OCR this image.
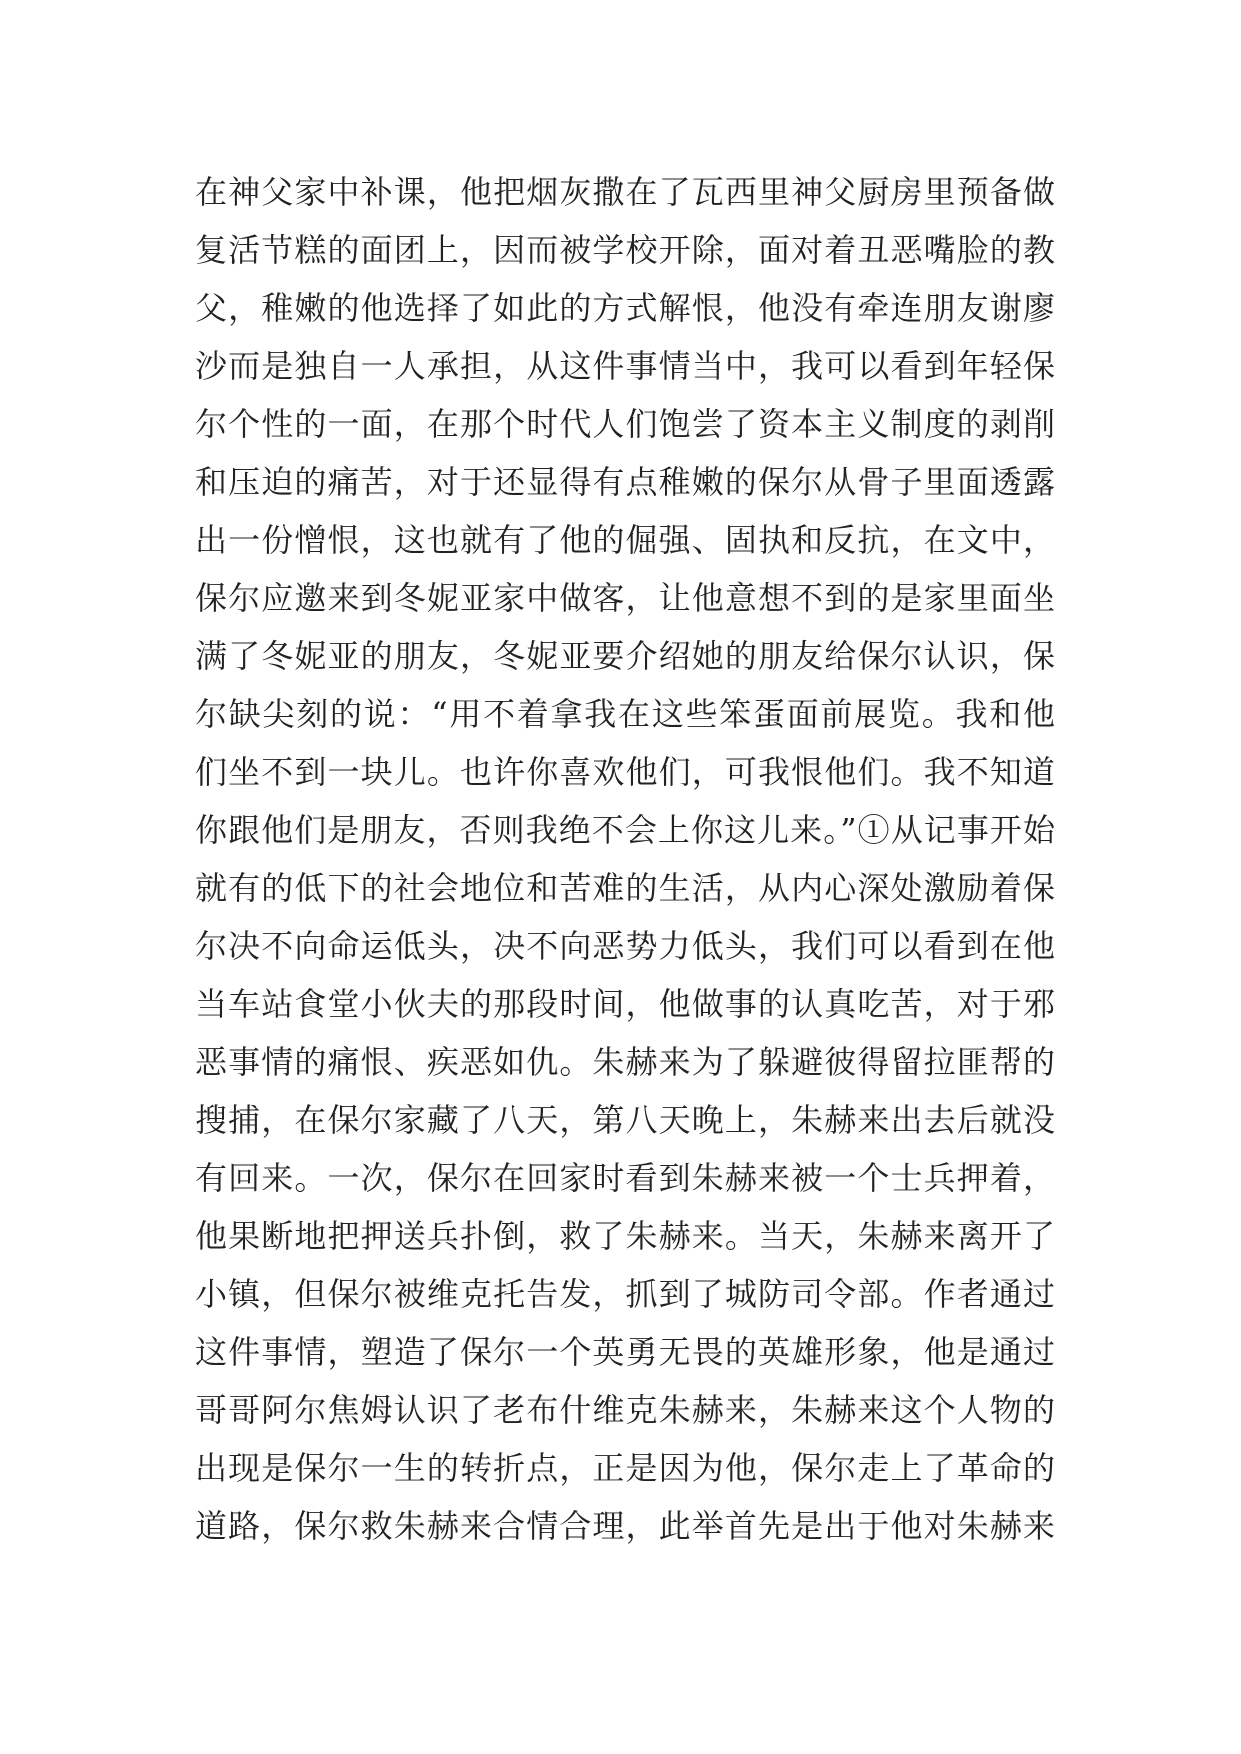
在神父家中补课，他把烟灰撒在了瓦西里神父厨房里预备做
复活节糕的面团上，因而被学校开除，面对着丑恶嘴脸的教
父，稚嫩的他选择了如此的方式解恨，他没有牵连朋友谢廖
沙而是独自一人承担，从这件事情当中，我可以看到年轻保
尔个性的一面，在那个时代人们饱尝了资本主义制度的剥削
和压迫的痛苦，对于还显得有点稚嫩的保尔从骨子里面透露
出一份憎恨，这也就有了他的倔强、固执和反抗，在文中，
保尔应邀来到冬妮亚家中做客，让他意想不到的是家里面坐
满了冬妮亚的朋友，冬妮亚要介绍她的朋友给保尔认识，保
尔缺尖刻的说：“用不着拿我在这些笨蛋面前展览。我和他
们坐不到一块儿。也许你喜欢他们，可我恨他们。我不知道
你跟他们是朋友，否则我绝不会上你这儿来。”①从记事开始
就有的低下的社会地位和苦难的生活，从内心深处激励着保
尔决不向命运低头，决不向恶势力低头，我们可以看到在他
当车站食堂小伙夫的那段时间，他做事的认真吃苦，对于邪
恶事情的痛恨、疾恶如仇。朱赫来为了躲避彼得留拉匪帮的
搜捕，在保尔家藏了八天，第八天晚上，朱赫来出去后就没
有回来。一次，保尔在回家时看到朱赫来被一个士兵押着，
他果断地把押送兵扑倒，救了朱赫来。当天，朱赫来离开了
小镇，但保尔被维克托告发，抓到了城防司令部。作者通过
这件事情，塑造了保尔一个英勇无畏的英雄形象，他是通过
哥哥阿尔焦姆认识了老布什维克朱赫来，朱赫来这个人物的
出现是保尔一生的转折点，正是因为他，保尔走上了革命的
道路，保尔救朱赫来合情合理，此举首先是出于他对朱赫来
